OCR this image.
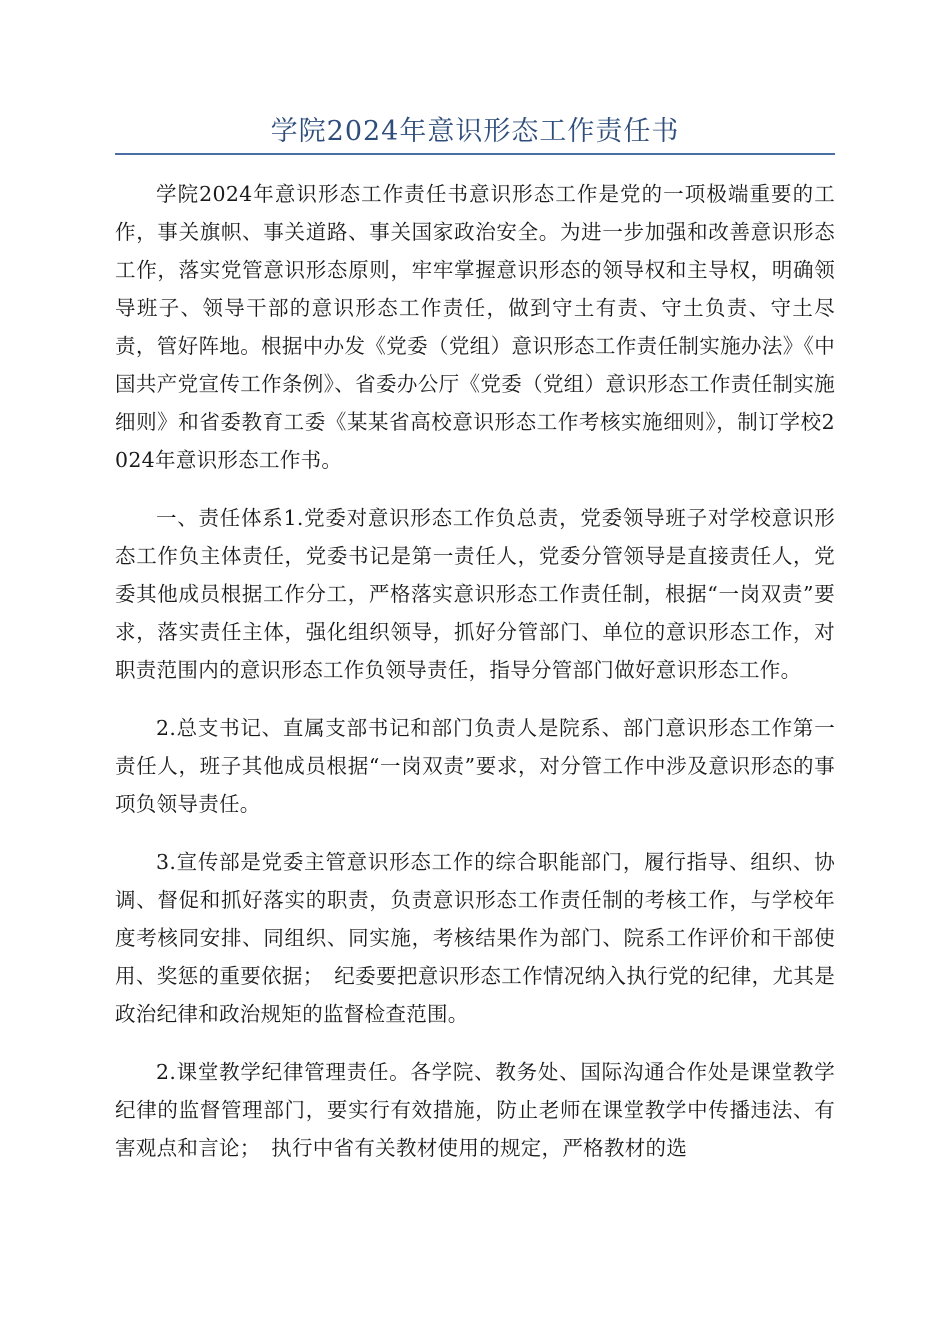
学院2024年意识形态工作责任书

学院2024年意识形态工作责任书意识形态工作是党的一项极端重要的工作，事关旗帜、事关道路、事关国家政治安全。为进一步加强和改善意识形态工作，落实党管意识形态原则，牢牢掌握意识形态的领导权和主导权，明确领导班子、领导干部的意识形态工作责任，做到守土有责、守土负责、守土尽责，管好阵地。根据中办发《党委（党组）意识形态工作责任制实施办法》《中国共产党宣传工作条例》、省委办公厅《党委（党组）意识形态工作责任制实施细则》和省委教育工委《某某省高校意识形态工作考核实施细则》，制订学校2024年意识形态工作书。

一、责任体系1.党委对意识形态工作负总责，党委领导班子对学校意识形态工作负主体责任，党委书记是第一责任人，党委分管领导是直接责任人，党委其他成员根据工作分工，严格落实意识形态工作责任制，根据“一岗双责”要求，落实责任主体，强化组织领导，抓好分管部门、单位的意识形态工作，对职责范围内的意识形态工作负领导责任，指导分管部门做好意识形态工作。

2.总支书记、直属支部书记和部门负责人是院系、部门意识形态工作第一责任人，班子其他成员根据“一岗双责”要求，对分管工作中涉及意识形态的事项负领导责任。

3.宣传部是党委主管意识形态工作的综合职能部门，履行指导、组织、协调、督促和抓好落实的职责，负责意识形态工作责任制的考核工作，与学校年度考核同安排、同组织、同实施，考核结果作为部门、院系工作评价和干部使用、奖惩的重要依据；　纪委要把意识形态工作情况纳入执行党的纪律，尤其是政治纪律和政治规矩的监督检查范围。

2.课堂教学纪律管理责任。各学院、教务处、国际沟通合作处是课堂教学纪律的监督管理部门，要实行有效措施，防止老师在课堂教学中传播违法、有害观点和言论；　执行中省有关教材使用的规定，严格教材的选
